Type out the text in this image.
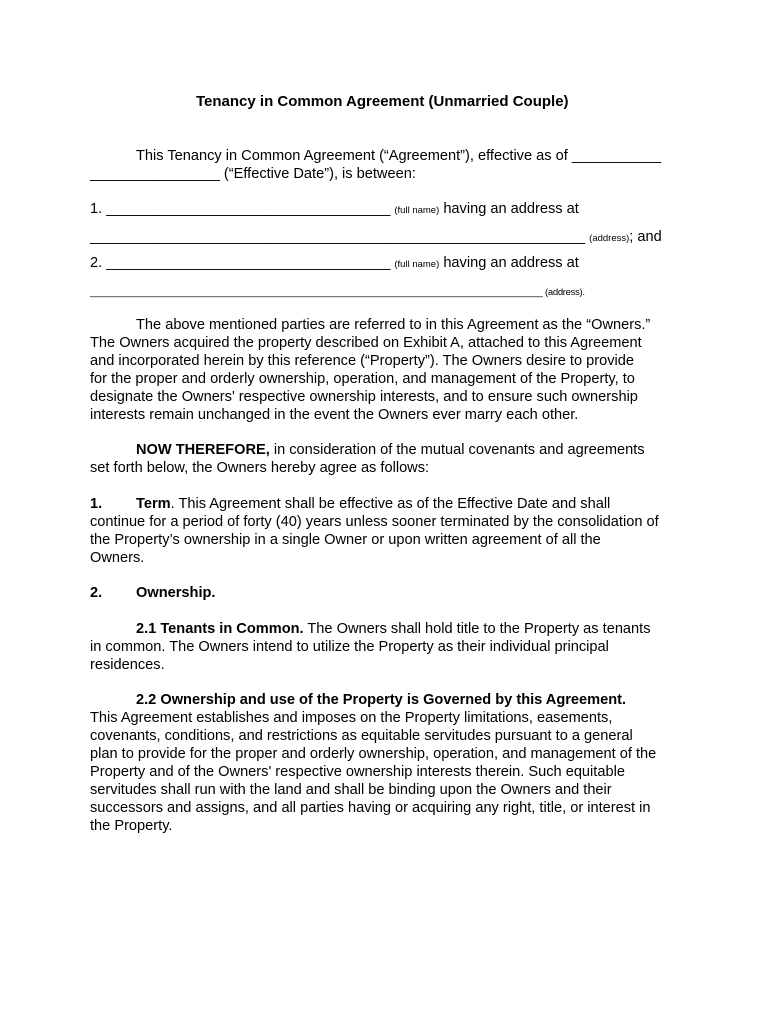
Tenancy in Common Agreement (Unmarried Couple)
This Tenancy in Common Agreement (“Agreement”), effective as of ___________
________________ (“Effective Date”), is between:
1. ___________________________________ (full name) having an address at
_____________________________________________________________ (address); and
2. ___________________________________ (full name) having an address at
______________________________________________________________________________________ (address).
The above mentioned parties are referred to in this Agreement as the “Owners.”
The Owners acquired the property described on Exhibit A, attached to this Agreement
and incorporated herein by this reference (“Property”). The Owners desire to provide
for the proper and orderly ownership, operation, and management of the Property, to
designate the Owners' respective ownership interests, and to ensure such ownership
interests remain unchanged in the event the Owners ever marry each other.
NOW THEREFORE, in consideration of the mutual covenants and agreements
set forth below, the Owners hereby agree as follows:
1. Term. This Agreement shall be effective as of the Effective Date and shall
continue for a period of forty (40) years unless sooner terminated by the consolidation of
the Property’s ownership in a single Owner or upon written agreement of all the
Owners.
2. Ownership.
2.1 Tenants in Common. The Owners shall hold title to the Property as tenants
in common. The Owners intend to utilize the Property as their individual principal
residences.
2.2 Ownership and use of the Property is Governed by this Agreement.
This Agreement establishes and imposes on the Property limitations, easements,
covenants, conditions, and restrictions as equitable servitudes pursuant to a general
plan to provide for the proper and orderly ownership, operation, and management of the
Property and of the Owners' respective ownership interests therein. Such equitable
servitudes shall run with the land and shall be binding upon the Owners and their
successors and assigns, and all parties having or acquiring any right, title, or interest in
the Property.
